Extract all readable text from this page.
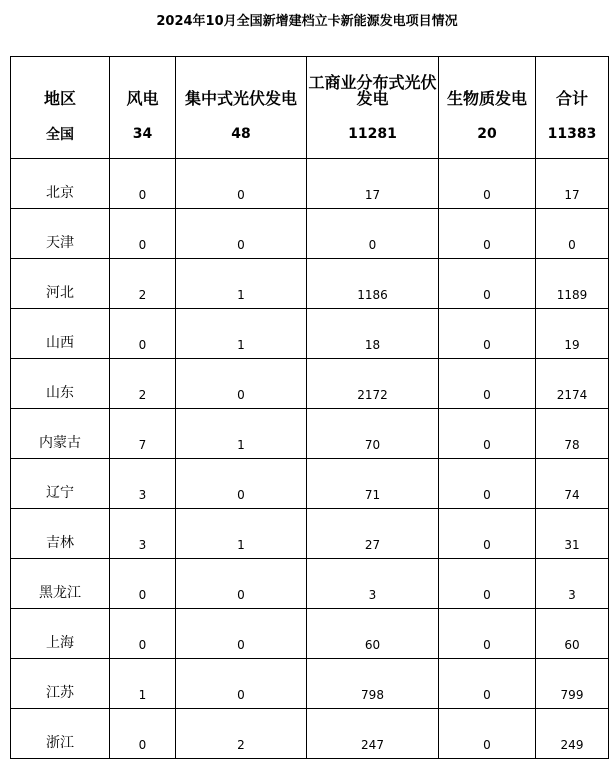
2024年10月全国新增建档立卡新能源发电项目情况
地区	风电	集中式光伏发电	工商业分布式光伏发电	生物质发电	合计
全国	34	48	11281	20	11383
北京	0	0	17	0	17
天津	0	0	0	0	0
河北	2	1	1186	0	1189
山西	0	1	18	0	19
山东	2	0	2172	0	2174
内蒙古	7	1	70	0	78
辽宁	3	0	71	0	74
吉林	3	1	27	0	31
黑龙江	0	0	3	0	3
上海	0	0	60	0	60
江苏	1	0	798	0	799
浙江	0	2	247	0	249
